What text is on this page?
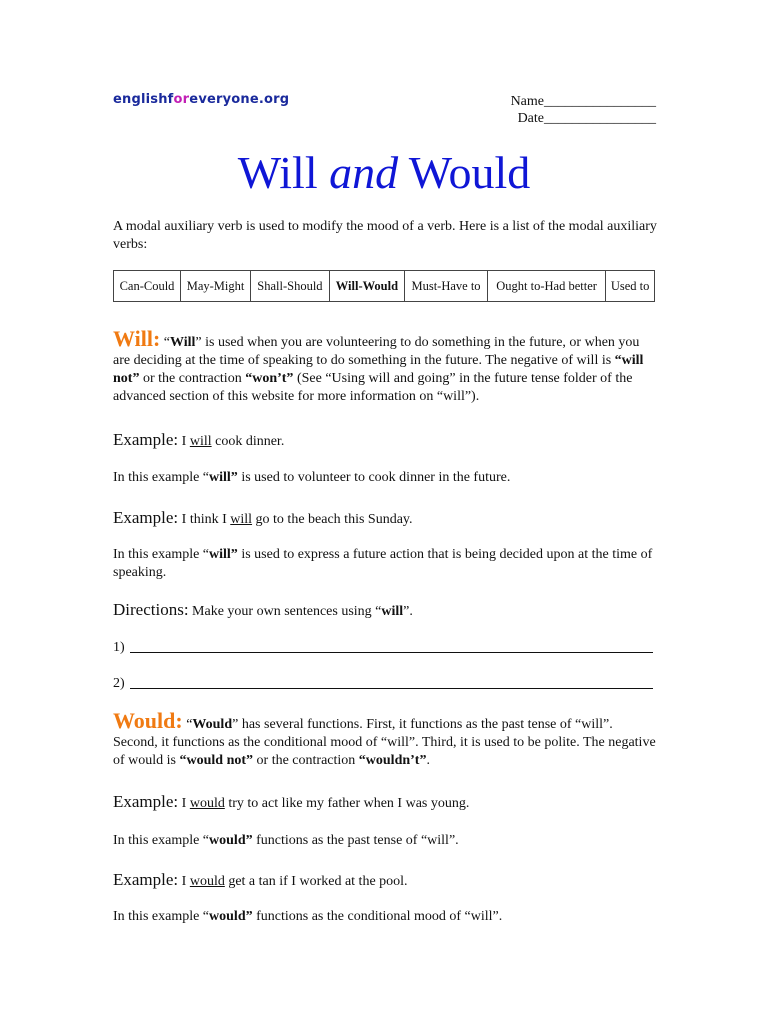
englishforeveryone.org	Name________________
Date________________
Will and Would
A modal auxiliary verb is used to modify the mood of a verb. Here is a list of the modal auxiliary verbs:
Can-Could	May-Might	Shall-Should	Will-Would	Must-Have to	Ought to-Had better	Used to
Will: “Will” is used when you are volunteering to do something in the future, or when you are deciding at the time of speaking to do something in the future. The negative of will is “will not” or the contraction “won’t” (See “Using will and going” in the future tense folder of the advanced section of this website for more information on “will”).
Example: I will cook dinner.
In this example “will” is used to volunteer to cook dinner in the future.
Example: I think I will go to the beach this Sunday.
In this example “will” is used to express a future action that is being decided upon at the time of speaking.
Directions: Make your own sentences using “will”.
1)
2)
Would: “Would” has several functions. First, it functions as the past tense of “will”. Second, it functions as the conditional mood of “will”. Third, it is used to be polite. The negative of would is “would not” or the contraction “wouldn’t”.
Example: I would try to act like my father when I was young.
In this example “would” functions as the past tense of “will”.
Example: I would get a tan if I worked at the pool.
In this example “would” functions as the conditional mood of “will”.
